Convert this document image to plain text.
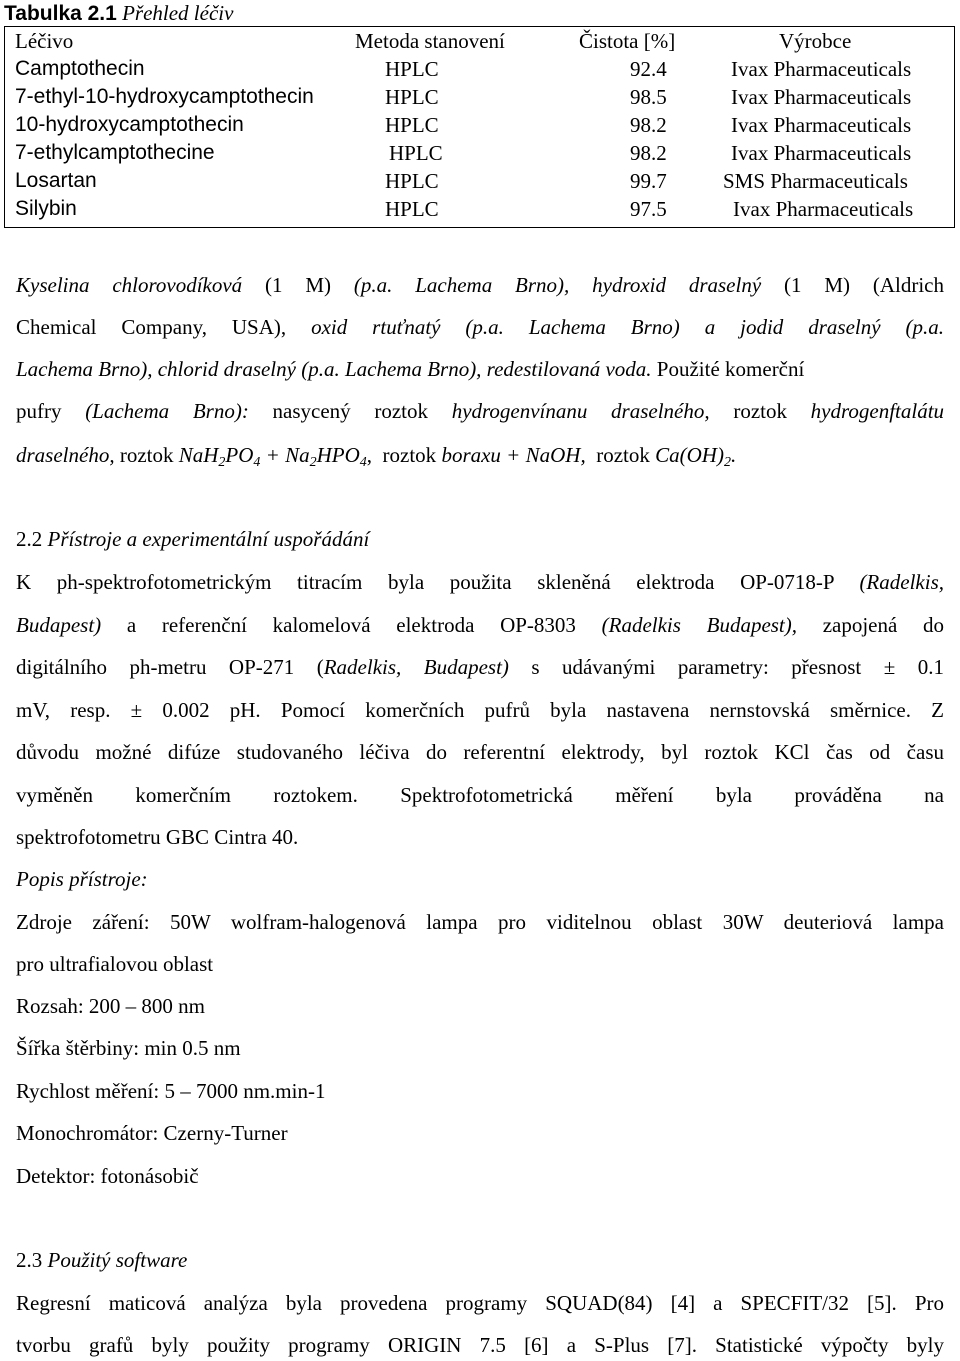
Tabulka 2.1 Přehled léčiv
Léčivo	Metoda stanovení	Čistota [%]	Výrobce
Camptothecin	HPLC	92.4	Ivax Pharmaceuticals
7-ethyl-10-hydroxycamptothecin	HPLC	98.5	Ivax Pharmaceuticals
10-hydroxycamptothecin	HPLC	98.2	Ivax Pharmaceuticals
7-ethylcamptothecine	HPLC	98.2	Ivax Pharmaceuticals
Losartan	HPLC	99.7	SMS Pharmaceuticals
Silybin	HPLC	97.5	Ivax Pharmaceuticals
Kyselina chlorovodíková (1 M) (p.a. Lachema Brno), hydroxid draselný (1 M) (Aldrich
Chemical Company, USA), oxid rtuťnatý (p.a. Lachema Brno) a jodid draselný (p.a.
Lachema Brno), chlorid draselný (p.a. Lachema Brno), redestilovaná voda. Použité komerční
pufry (Lachema Brno): nasycený roztok hydrogenvínanu draselného, roztok hydrogenftalátu
draselného, roztok $NaH_2PO_4 + Na_2HPO_4$, roztok boraxu + NaOH, roztok $Ca(OH)_2$.
2.2 Přístroje a experimentální uspořádání
K ph-spektrofotometrickým titracím byla použita skleněná elektroda OP-0718-P (Radelkis,
Budapest) a referenční kalomelová elektroda OP-8303 (Radelkis Budapest), zapojená do
digitálního ph-metru OP-271 (Radelkis, Budapest) s udávanými parametry: přesnost ± 0.1
mV, resp. ± 0.002 pH. Pomocí komerčních pufrů byla nastavena nernstovská směrnice. Z
důvodu možné difúze studovaného léčiva do referentní elektrody, byl roztok KCl čas od času
vyměněn komerčním roztokem. Spektrofotometrická měření byla prováděna na
spektrofotometru GBC Cintra 40.
Popis přístroje:
Zdroje záření: 50W wolfram-halogenová lampa pro viditelnou oblast 30W deuteriová lampa
pro ultrafialovou oblast
Rozsah: 200 – 800 nm
Šířka štěrbiny: min 0.5 nm
Rychlost měření: 5 – 7000 nm.min-1
Monochromátor: Czerny-Turner
Detektor: fotonásobič
2.3 Použitý software
Regresní maticová analýza byla provedena programy SQUAD(84) [4] a SPECFIT/32 [5]. Pro
tvorbu grafů byly použity programy ORIGIN 7.5 [6] a S-Plus [7]. Statistické výpočty byly
